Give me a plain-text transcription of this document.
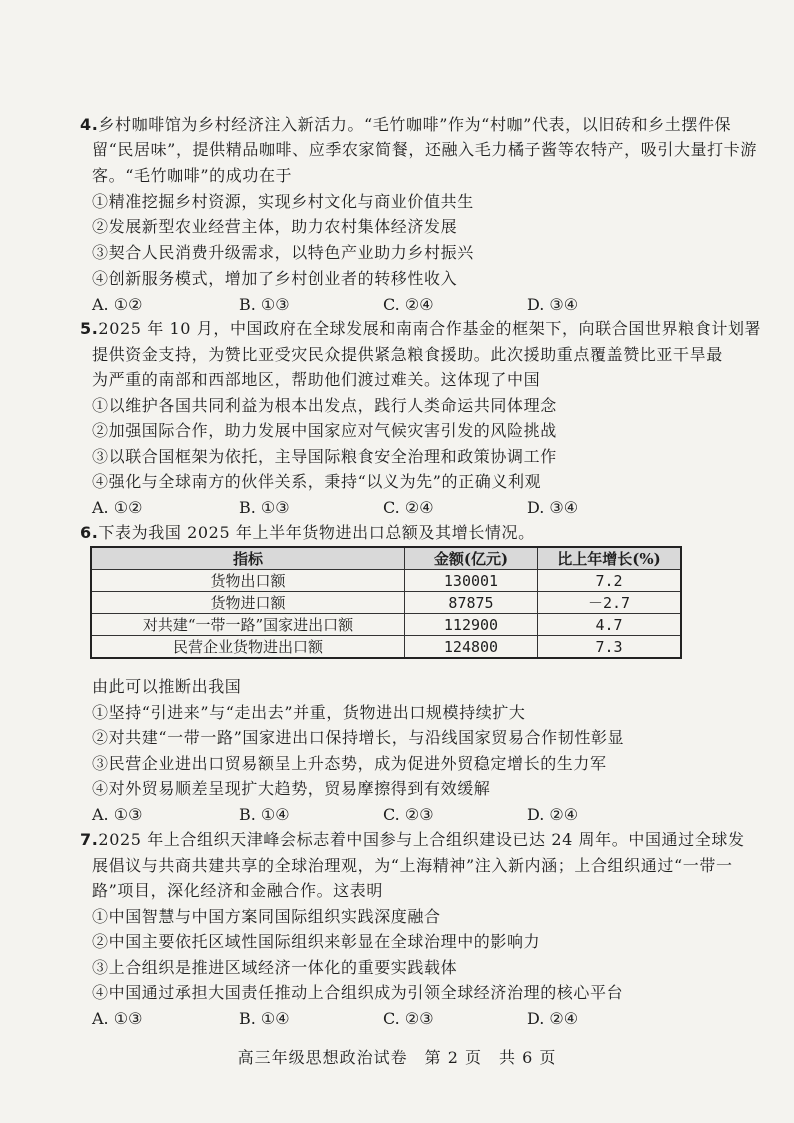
4.乡村咖啡馆为乡村经济注入新活力。“毛竹咖啡”作为“村咖”代表，以旧砖和乡土摆件保
留“民居味”，提供精品咖啡、应季农家简餐，还融入毛力橘子酱等农特产，吸引大量打卡游
客。“毛竹咖啡”的成功在于
①精准挖掘乡村资源，实现乡村文化与商业价值共生
②发展新型农业经营主体，助力农村集体经济发展
③契合人民消费升级需求，以特色产业助力乡村振兴
④创新服务模式，增加了乡村创业者的转移性收入
A. ①②	B. ①③	C. ②④	D. ③④
5.2025 年 10 月，中国政府在全球发展和南南合作基金的框架下，向联合国世界粮食计划署
提供资金支持，为赞比亚受灾民众提供紧急粮食援助。此次援助重点覆盖赞比亚干旱最
为严重的南部和西部地区，帮助他们渡过难关。这体现了中国
①以维护各国共同利益为根本出发点，践行人类命运共同体理念
②加强国际合作，助力发展中国家应对气候灾害引发的风险挑战
③以联合国框架为依托，主导国际粮食安全治理和政策协调工作
④强化与全球南方的伙伴关系，秉持“以义为先”的正确义利观
A. ①②	B. ①③	C. ②④	D. ③④
6.下表为我国 2025 年上半年货物进出口总额及其增长情况。
指标	金额(亿元)	比上年增长(%)
货物出口额	130001	7.2
货物进口额	87875	－2.7
对共建“一带一路”国家进出口额	112900	4.7
民营企业货物进出口额	124800	7.3
由此可以推断出我国
①坚持“引进来”与“走出去”并重，货物进出口规模持续扩大
②对共建“一带一路”国家进出口保持增长，与沿线国家贸易合作韧性彰显
③民营企业进出口贸易额呈上升态势，成为促进外贸稳定增长的生力军
④对外贸易顺差呈现扩大趋势，贸易摩擦得到有效缓解
A. ①③	B. ①④	C. ②③	D. ②④
7.2025 年上合组织天津峰会标志着中国参与上合组织建设已达 24 周年。中国通过全球发
展倡议与共商共建共享的全球治理观，为“上海精神”注入新内涵；上合组织通过“一带一
路”项目，深化经济和金融合作。这表明
①中国智慧与中国方案同国际组织实践深度融合
②中国主要依托区域性国际组织来彰显在全球治理中的影响力
③上合组织是推进区域经济一体化的重要实践载体
④中国通过承担大国责任推动上合组织成为引领全球经济治理的核心平台
A. ①③	B. ①④	C. ②③	D. ②④
高三年级思想政治试卷　第 2 页　共 6 页
